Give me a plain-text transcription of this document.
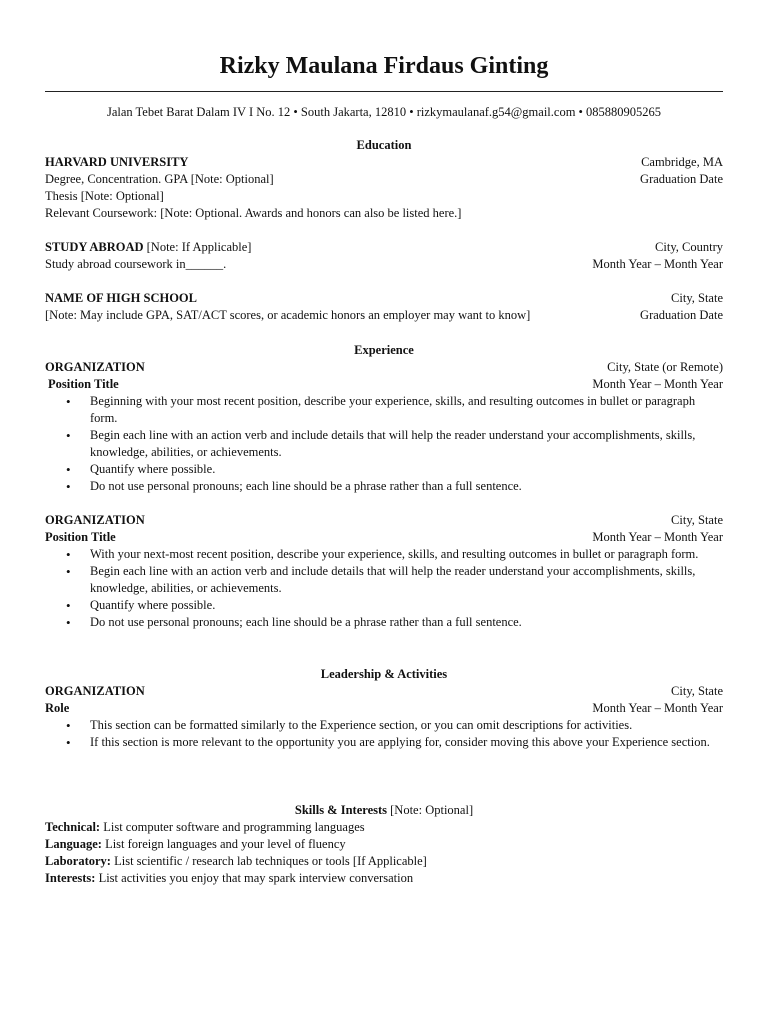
Rizky Maulana Firdaus Ginting
Jalan Tebet Barat Dalam IV I No. 12 • South Jakarta, 12810 • rizkymaulanaf.g54@gmail.com • 085880905265
Education
HARVARD UNIVERSITY	Cambridge, MA
Degree, Concentration. GPA [Note: Optional]	Graduation Date
Thesis [Note: Optional]
Relevant Coursework: [Note: Optional. Awards and honors can also be listed here.]
STUDY ABROAD [Note: If Applicable]	City, Country
Study abroad coursework in______.	Month Year – Month Year
NAME OF HIGH SCHOOL	City, State
[Note: May include GPA, SAT/ACT scores, or academic honors an employer may want to know]	Graduation Date
Experience
ORGANIZATION	City, State (or Remote)
Position Title	Month Year – Month Year
• Beginning with your most recent position, describe your experience, skills, and resulting outcomes in bullet or paragraph form.
• Begin each line with an action verb and include details that will help the reader understand your accomplishments, skills, knowledge, abilities, or achievements.
• Quantify where possible.
• Do not use personal pronouns; each line should be a phrase rather than a full sentence.
ORGANIZATION	City, State
Position Title	Month Year – Month Year
• With your next-most recent position, describe your experience, skills, and resulting outcomes in bullet or paragraph form.
• Begin each line with an action verb and include details that will help the reader understand your accomplishments, skills, knowledge, abilities, or achievements.
• Quantify where possible.
• Do not use personal pronouns; each line should be a phrase rather than a full sentence.
Leadership & Activities
ORGANIZATION	City, State
Role	Month Year – Month Year
• This section can be formatted similarly to the Experience section, or you can omit descriptions for activities.
• If this section is more relevant to the opportunity you are applying for, consider moving this above your Experience section.
Skills & Interests [Note: Optional]
Technical: List computer software and programming languages
Language: List foreign languages and your level of fluency
Laboratory: List scientific / research lab techniques or tools [If Applicable]
Interests: List activities you enjoy that may spark interview conversation
